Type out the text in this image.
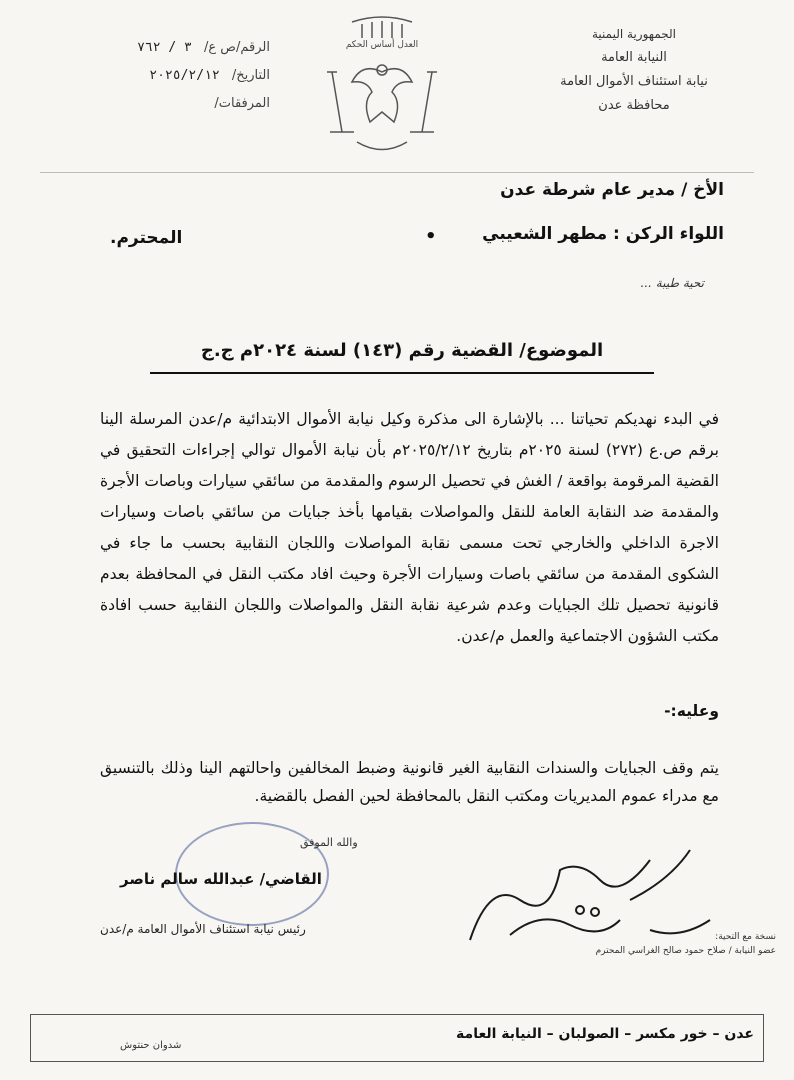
الجمهورية اليمنية
النيابة العامة
نيابة استئناف الأموال العامة
محافظة عدن
العدل أساس الحكم
الرقم/ص ع/ ٣ / ٧٦٢
التاريخ/ ٢٠٢٥/٢/١٢
المرفقات/
الأخ / مدير عام شرطة عدن
اللواء الركن : مطهر الشعيبي
•
المحترم.
تحية طيبة ...
الموضوع/ القضية رقم (١٤٣) لسنة ٢٠٢٤م ج.ج

في البدء نهديكم تحياتنا ... بالإشارة الى مذكرة وكيل نيابة الأموال الابتدائية م/عدن المرسلة الينا برقم ص.ع (٢٧٢) لسنة ٢٠٢٥م بتاريخ ٢٠٢٥/٢/١٢م بأن نيابة الأموال توالي إجراءات التحقيق في القضية المرقومة بواقعة / الغش في تحصيل الرسوم والمقدمة من سائقي سيارات وباصات الأجرة والمقدمة ضد النقابة العامة للنقل والمواصلات بقيامها بأخذ جبايات من سائقي باصات وسيارات الاجرة الداخلي والخارجي تحت مسمى نقابة المواصلات واللجان النقابية بحسب ما جاء في الشكوى المقدمة من سائقي باصات وسيارات الأجرة وحيث افاد مكتب النقل في المحافظة بعدم قانونية تحصيل تلك الجبايات وعدم شرعية نقابة النقل والمواصلات واللجان النقابية حسب افادة مكتب الشؤون الاجتماعية والعمل م/عدن.

وعليه:-

يتم وقف الجبايات والسندات النقابية الغير قانونية وضبط المخالفين واحالتهم الينا وذلك بالتنسيق مع مدراء عموم المديريات ومكتب النقل بالمحافظة لحين الفصل بالقضية.

والله الموفق
القاضي/ عبدالله سالم ناصر
رئيس نيابة استئناف الأموال العامة م/عدن
نسخة مع التحية:
عضو النيابة / صلاح حمود صالح الغراسي المحترم
عدن – خور مكسر – الصولبان – النيابة العامة
شدوان حنتوش
